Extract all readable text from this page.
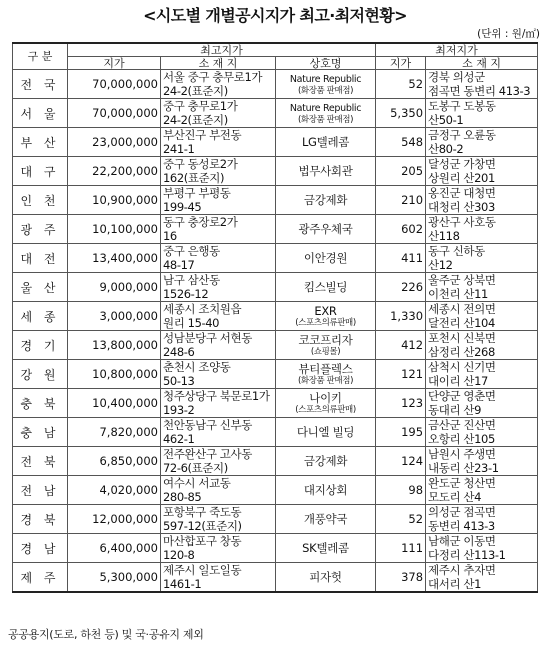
<시도별 개별공시지가 최고·최저현황>
(단위 : 원/㎡)
구 분	최고지가			최저지가	
	지가	소 재 지	상호명	지가	소 재 지
전 국	70,000,000	서울 중구 충무로1가
24-2(표준지)	Nature Republic
(화장품 판매점)	52	경북 의성군
점곡면 동변리 413-3

서 울	70,000,000	중구 충무로1가
24-2(표준지)	Nature Republic
(화장품 판매점)	5,350	도봉구 도봉동
산50-1

부 산	23,000,000	부산진구 부전동
241-1	LG텔레콤	548	금정구 오륜동
산80-2

대 구	22,200,000	중구 동성로2가
162(표준지)	법무사회관	205	달성군 가창면
상원리 산201

인 천	10,900,000	부평구 부평동
199-45	금강제화	210	옹진군 대청면
대청리 산303

광 주	10,100,000	동구 충장로2가
16	광주우체국	602	광산구 사호동
산118

대 전	13,400,000	중구 은행동
48-17	이안경원	411	동구 신하동
산12

울 산	9,000,000	남구 삼산동
1526-12	킴스빌딩	226	울주군 상북면
이천리 산11

세 종	3,000,000	세종시 조치원읍
원리 15-40	EXR
(스포츠의류판매)	1,330	세종시 전의면
달전리 산104

경 기	13,800,000	성남분당구 서현동
248-6	코코프리자
(쇼핑몰)	412	포천시 신북면
삼정리 산268

강 원	10,800,000	춘천시 조양동
50-13	뷰티플렉스
(화장품 판매점)	121	삼척시 신기면
대이리 산17

충 북	10,400,000	청주상당구 북문로1가
193-2	나이키
(스포츠의류판매)	123	단양군 영춘면
동대리 산9

충 남	7,820,000	천안동남구 신부동
462-1	다니엘 빌딩	195	금산군 진산면
오항리 산105

전 북	6,850,000	전주완산구 고사동
72-6(표준지)	금강제화	124	남원시 주생면
내동리 산23-1

전 남	4,020,000	여수시 서교동
280-85	대지상회	98	완도군 청산면
모도리 산4

경 북	12,000,000	포항북구 죽도동
597-12(표준지)	개풍약국	52	의성군 점곡면
동변리 413-3

경 남	6,400,000	마산합포구 창동
120-8	SK텔레콤	111	남해군 이동면
다정리 산113-1

제 주	5,300,000	제주시 일도일동
1461-1	피자헛	378	제주시 추자면
대서리 산1
공공용지(도로, 하천 등) 및 국·공유지 제외
